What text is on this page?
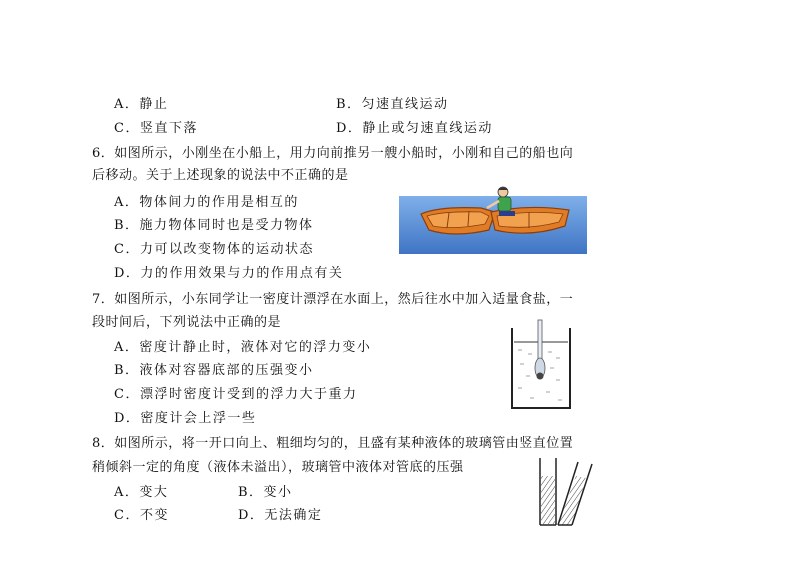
A．静止	B．匀速直线运动
C．竖直下落	D．静止或匀速直线运动
6．如图所示，小刚坐在小船上，用力向前推另一艘小船时，小刚和自己的船也向
后移动。关于上述现象的说法中不正确的是
A．物体间力的作用是相互的
B．施力物体同时也是受力物体
C．力可以改变物体的运动状态
D．力的作用效果与力的作用点有关
7．如图所示，小东同学让一密度计漂浮在水面上，然后往水中加入适量食盐，一
段时间后，下列说法中正确的是
A．密度计静止时，液体对它的浮力变小
B．液体对容器底部的压强变小
C．漂浮时密度计受到的浮力大于重力
D．密度计会上浮一些
8．如图所示，将一开口向上、粗细均匀的，且盛有某种液体的玻璃管由竖直位置
稍倾斜一定的角度（液体未溢出），玻璃管中液体对管底的压强
A．变大	B．变小
C．不变	D．无法确定
